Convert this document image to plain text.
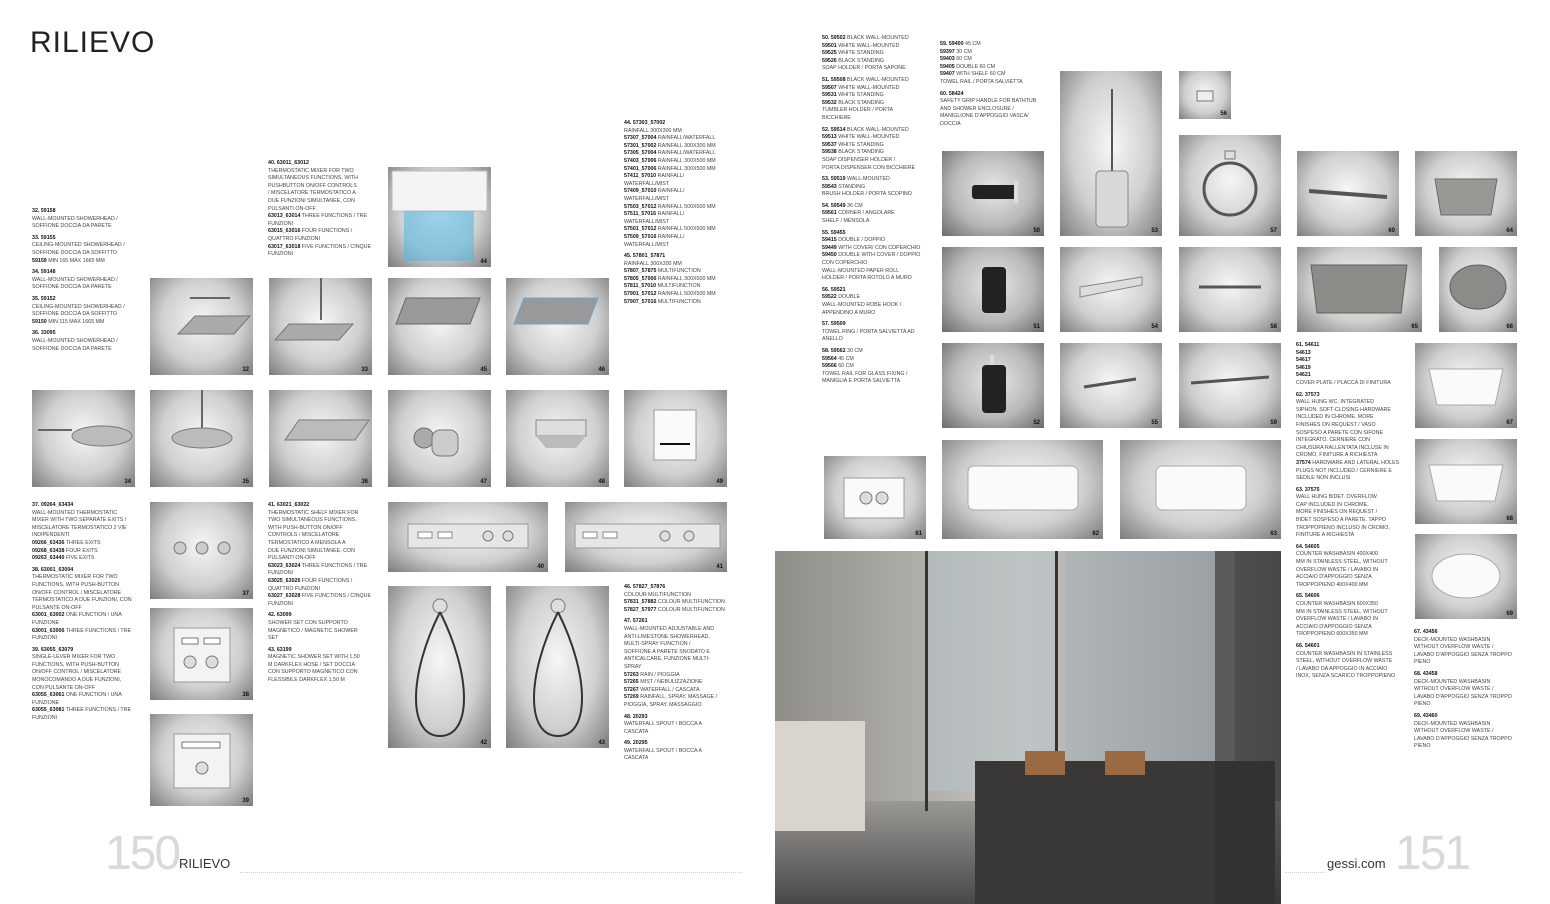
RILIEVO
32. 59158
WALL-MOUNTED SHOWERHEAD /
SOFFIONE DOCCIA DA PARETE
33. 59155
CEILING-MOUNTED SHOWERHEAD /
SOFFIONE DOCCIA DA SOFFITTO
59159 MIN 165 MAX 1665 MM
34. 59148
WALL-MOUNTED SHOWERHEAD /
SOFFIONE DOCCIA DA PARETE
35. 59152
CEILING-MOUNTED SHOWERHEAD /
SOFFIONE DOCCIA DA SOFFITTO
59150 MIN 115 MAX 1665 MM
36. 33095
WALL-MOUNTED SHOWERHEAD /
SOFFIONE DOCCIA DA PARETE
37. 09264_63434
WALL-MOUNTED THERMOSTATIC
MIXER WITH TWO SEPARATE EXITS /
MISCELATORE TERMOSTATICO 2 VIE
INDIPENDENTI
09266_63436 THREE EXITS
09268_63438 FOUR EXITS
09263_63440 FIVE EXITS
38. 63001_63004
THERMOSTATIC MIXER FOR TWO
FUNCTIONS, WITH PUSH-BUTTON
ON/OFF CONTROL / MISCELATORE
TERMOSTATICO A DUE FUNZIONI, CON
PULSANTE ON-OFF
63001_63002 ONE FUNCTION / UNA FUNZIONE
63001_63006 THREE FUNCTIONS / TRE FUNZIONI
39. 63055_63079
SINGLE-LEVER MIXER FOR TWO
FUNCTIONS, WITH PUSH-BUTTON
ON/OFF CONTROL / MISCELATORE
MONOCOMANDO A DUE FUNZIONI,
CON PULSANTE ON-OFF
63055_63061 ONE FUNCTION / UNA FUNZIONE
63055_63081 THREE FUNCTIONS / TRE FUNZIONI
40. 63011_63012
THERMOSTATIC MIXER FOR TWO
SIMULTANEOUS FUNCTIONS, WITH
PUSHBUTTON ON/OFF CONTROLS
/ MISCELATORE TERMOSTATICO A
DUE FUNZIONI SIMULTANEE, CON
PULSANTI ON-OFF
63013_63014 THREE FUNCTIONS / TRE FUNZIONI
63015_63016 FOUR FUNCTIONS / QUATTRO FUNZIONI
63017_63018 FIVE FUNCTIONS / CINQUE FUNZIONI
41. 63021_63022
THERMOSTATIC SHELF MIXER FOR
TWO SIMULTANEOUS FUNCTIONS,
WITH PUSH-BUTTON ON/OFF
CONTROLS / MISCELATORE
TERMOSTATICO A MENSOLA A
DUE FUNZIONI SIMULTANEE, CON
PULSANTI ON-OFF
63023_63024 THREE FUNCTIONS / TRE FUNZIONI
63025_63026 FOUR FUNCTIONS / QUATTRO FUNZIONI
63027_63028 FIVE FUNCTIONS / CINQUE FUNZIONI
42. 63099
SHOWER SET CON SUPPORTO
MAGNETICO / MAGNETIC SHOWER
SET
43. 63199
MAGNETIC SHOWER SET WITH 1,50
M DARKFLEX HOSE / SET DOCCIA
CON SUPPORTO MAGNETICO CON
FLESSIBILE DARKFLEX 1,50 M
44. 57303_57002
RAINFALL 300X300 MM
57307_57004 RAINFALL/WATERFALL
57301_57002 RAINFALL 300X300 MM
57305_57004 RAINFALL/WATERFALL
57403_57006 RAINFALL 300X500 MM
57401_57006 RAINFALL 300X500 MM
57411_57010 RAINFALL/ WATERFALL/MIST
57409_57010 RAINFALL/ WATERFALL/MIST
57503_57012 RAINFALL 500X500 MM
57511_57016 RAINFALL/ WATERFALL/MIST
57501_57012 RAINFALL 500X500 MM
57509_57016 RAINFALL/ WATERFALL/MIST
45. 57801_57871
RAINFALL 300X300 MM
57807_57875 MULTIFUNCTION
57805_57006 RAINFALL 300X500 MM
57811_57010 MULTIFUNCTION
57901_57012 RAINFALL 500X500 MM
57907_57016 MULTIFUNCTION
46. 57827_57876
COLOUR MULTIFUNCTION
57831_57882 COLOUR MULTIFUNCTION
57827_57977 COLOUR MULTIFUNCTION
47. 57261
WALL-MOUNTED ADJUSTABLE AND
ANTI-LIMESTONE SHOWERHEAD,
MULTI-SPRAY FUNCTION /
SOFFIONE A PARETE SNODATO E
ANTICALCARE, FUNZIONE MULTI-
SPRAY
57263 RAIN / PIOGGIA
57265 MIST / NEBULIZZAZIONE
57267 WATERFALL / CASCATA
57269 RAINFALL, SPRAY, MASSAGE / PIOGGIA, SPRAY, MASSAGGIO
48. 20293
WATERFALL SPOUT / BOCCA A
CASCATA
49. 20295
WATERFALL SPOUT / BOCCA A
CASCATA
50. 59502 BLACK WALL-MOUNTED
59501 WHITE WALL-MOUNTED
59525 WHITE STANDING
59526 BLACK STANDING
SOAP HOLDER / PORTA SAPONE
51. 59508 BLACK WALL-MOUNTED
59507 WHITE WALL-MOUNTED
59531 WHITE STANDING
59532 BLACK STANDING
TUMBLER HOLDER / PORTA
BICCHIERE
52. 59514 BLACK WALL-MOUNTED
59513 WHITE WALL-MOUNTED
59537 WHITE STANDING
59538 BLACK STANDING
SOAP DISPENSER HOLDER /
PORTA DISPENSER CON BICCHIERE
53. 59519 WALL-MOUNTED
59543 STANDING
BRUSH HOLDER / PORTA SCOPINO
54. 59549 36 CM
59561 CORNER / ANGOLARE
SHELF / MENSOLA
55. 59455
59415 DOUBLE / DOPPIO
59449 WITH COVER/ CON COPERCHIO
59450 DOUBLE WITH COVER / DOPPIO CON COPERCHIO
WALL-MOUNTED PAPER ROLL
HOLDER / PORTA ROTOLO A MURO
56. 59521
59522 DOUBLE
WALL-MOUNTED ROBE HOOK /
APPENDINO A MURO
57. 59509
TOWEL RING / PORTA SALVIETTA AD
ANELLO
58. 59562 30 CM
59564 45 CM
59566 60 CM
TOWEL RAIL FOR GLASS FIXING /
MANIGLIA E PORTA SALVIETTA
59. 59400 45 CM
59397 30 CM
59403 60 CM
59405 DOUBLE 60 CM
59407 WITH SHELF 60 CM
TOWEL RAIL / PORTA SALVIETTA
60. 58424
SAFETY GRIP HANDLE FOR BATHTUB
AND SHOWER ENCLOSURE /
MANIGLIONE D'APPOGGIO VASCA/
DOCCIA
61. 54611
54613
54617
54619
54621
COVER PLATE / PLACCA DI FINITURA
62. 37573
WALL HUNG WC. INTEGRATED
SIPHON. SOFT-CLOSING HARDWARE
INCLUDED IN CHROME. MORE
FINISHES ON REQUEST / VASO
SOSPESO A PARETE CON SIFONE
INTEGRATO. CERNIERE CON
CHIUSURA RALLENTATA INCLUSE IN
CROMO, FINITURE A RICHIESTA
37574 HARDWARE AND LATERAL HOLES PLUGS NOT INCLUDED / CERNIERE E SEDILE NON INCLUSI
63. 37575
WALL HUNG BIDET. OVERFLOW
CAP INCLUDED IN CHROME,
MORE FINISHES ON REQUEST /
BIDET SOSPESO A PARETE. TAPPO
TROPPOPIENO INCLUSO IN CROMO,
FINITURE A RICHIESTA
64. 54605
COUNTER WASHBASIN 400X400
MM IN STAINLESS STEEL, WITHOUT
OVERFLOW WASTE / LAVABO IN
ACCIAIO D'APPOGGIO SENZA
TROPPOPIENO 400X400 MM
65. 54606
COUNTER WASHBASIN 600X350
MM IN STAINLESS STEEL, WITHOUT
OVERFLOW WASTE / LAVABO IN
ACCIAIO D'APPOGGIO SENZA
TROPPOPIENO 600X350 MM
66. 54601
COUNTER WASHBASIN IN STAINLESS
STEEL, WITHOUT OVERFLOW WASTE
/ LAVABO DA APPOGGIO IN ACCIAIO
INOX, SENZA SCARICO TROPPOPIENO
67. 43456
DECK-MOUNTED WASHBASIN
WITHOUT OVERFLOW WASTE /
LAVABO D'APPOGGIO SENZA TROPPO
PIENO
68. 43458
DECK-MOUNTED WASHBASIN
WITHOUT OVERFLOW WASTE /
LAVABO D'APPOGGIO SENZA TROPPO
PIENO
69. 43460
DECK-MOUNTED WASHBASIN
WITHOUT OVERFLOW WASTE /
LAVABO D'APPOGGIO SENZA TROPPO
PIENO
32	33	45	46
44
34	35	36	47	48	49
37
40	41
38
42	43
39
56
50	53	57	60	64
51	54	58	65	66
52	55	59	67
61	62	63
68
69
150 RILIEVO	gessi.com 151
